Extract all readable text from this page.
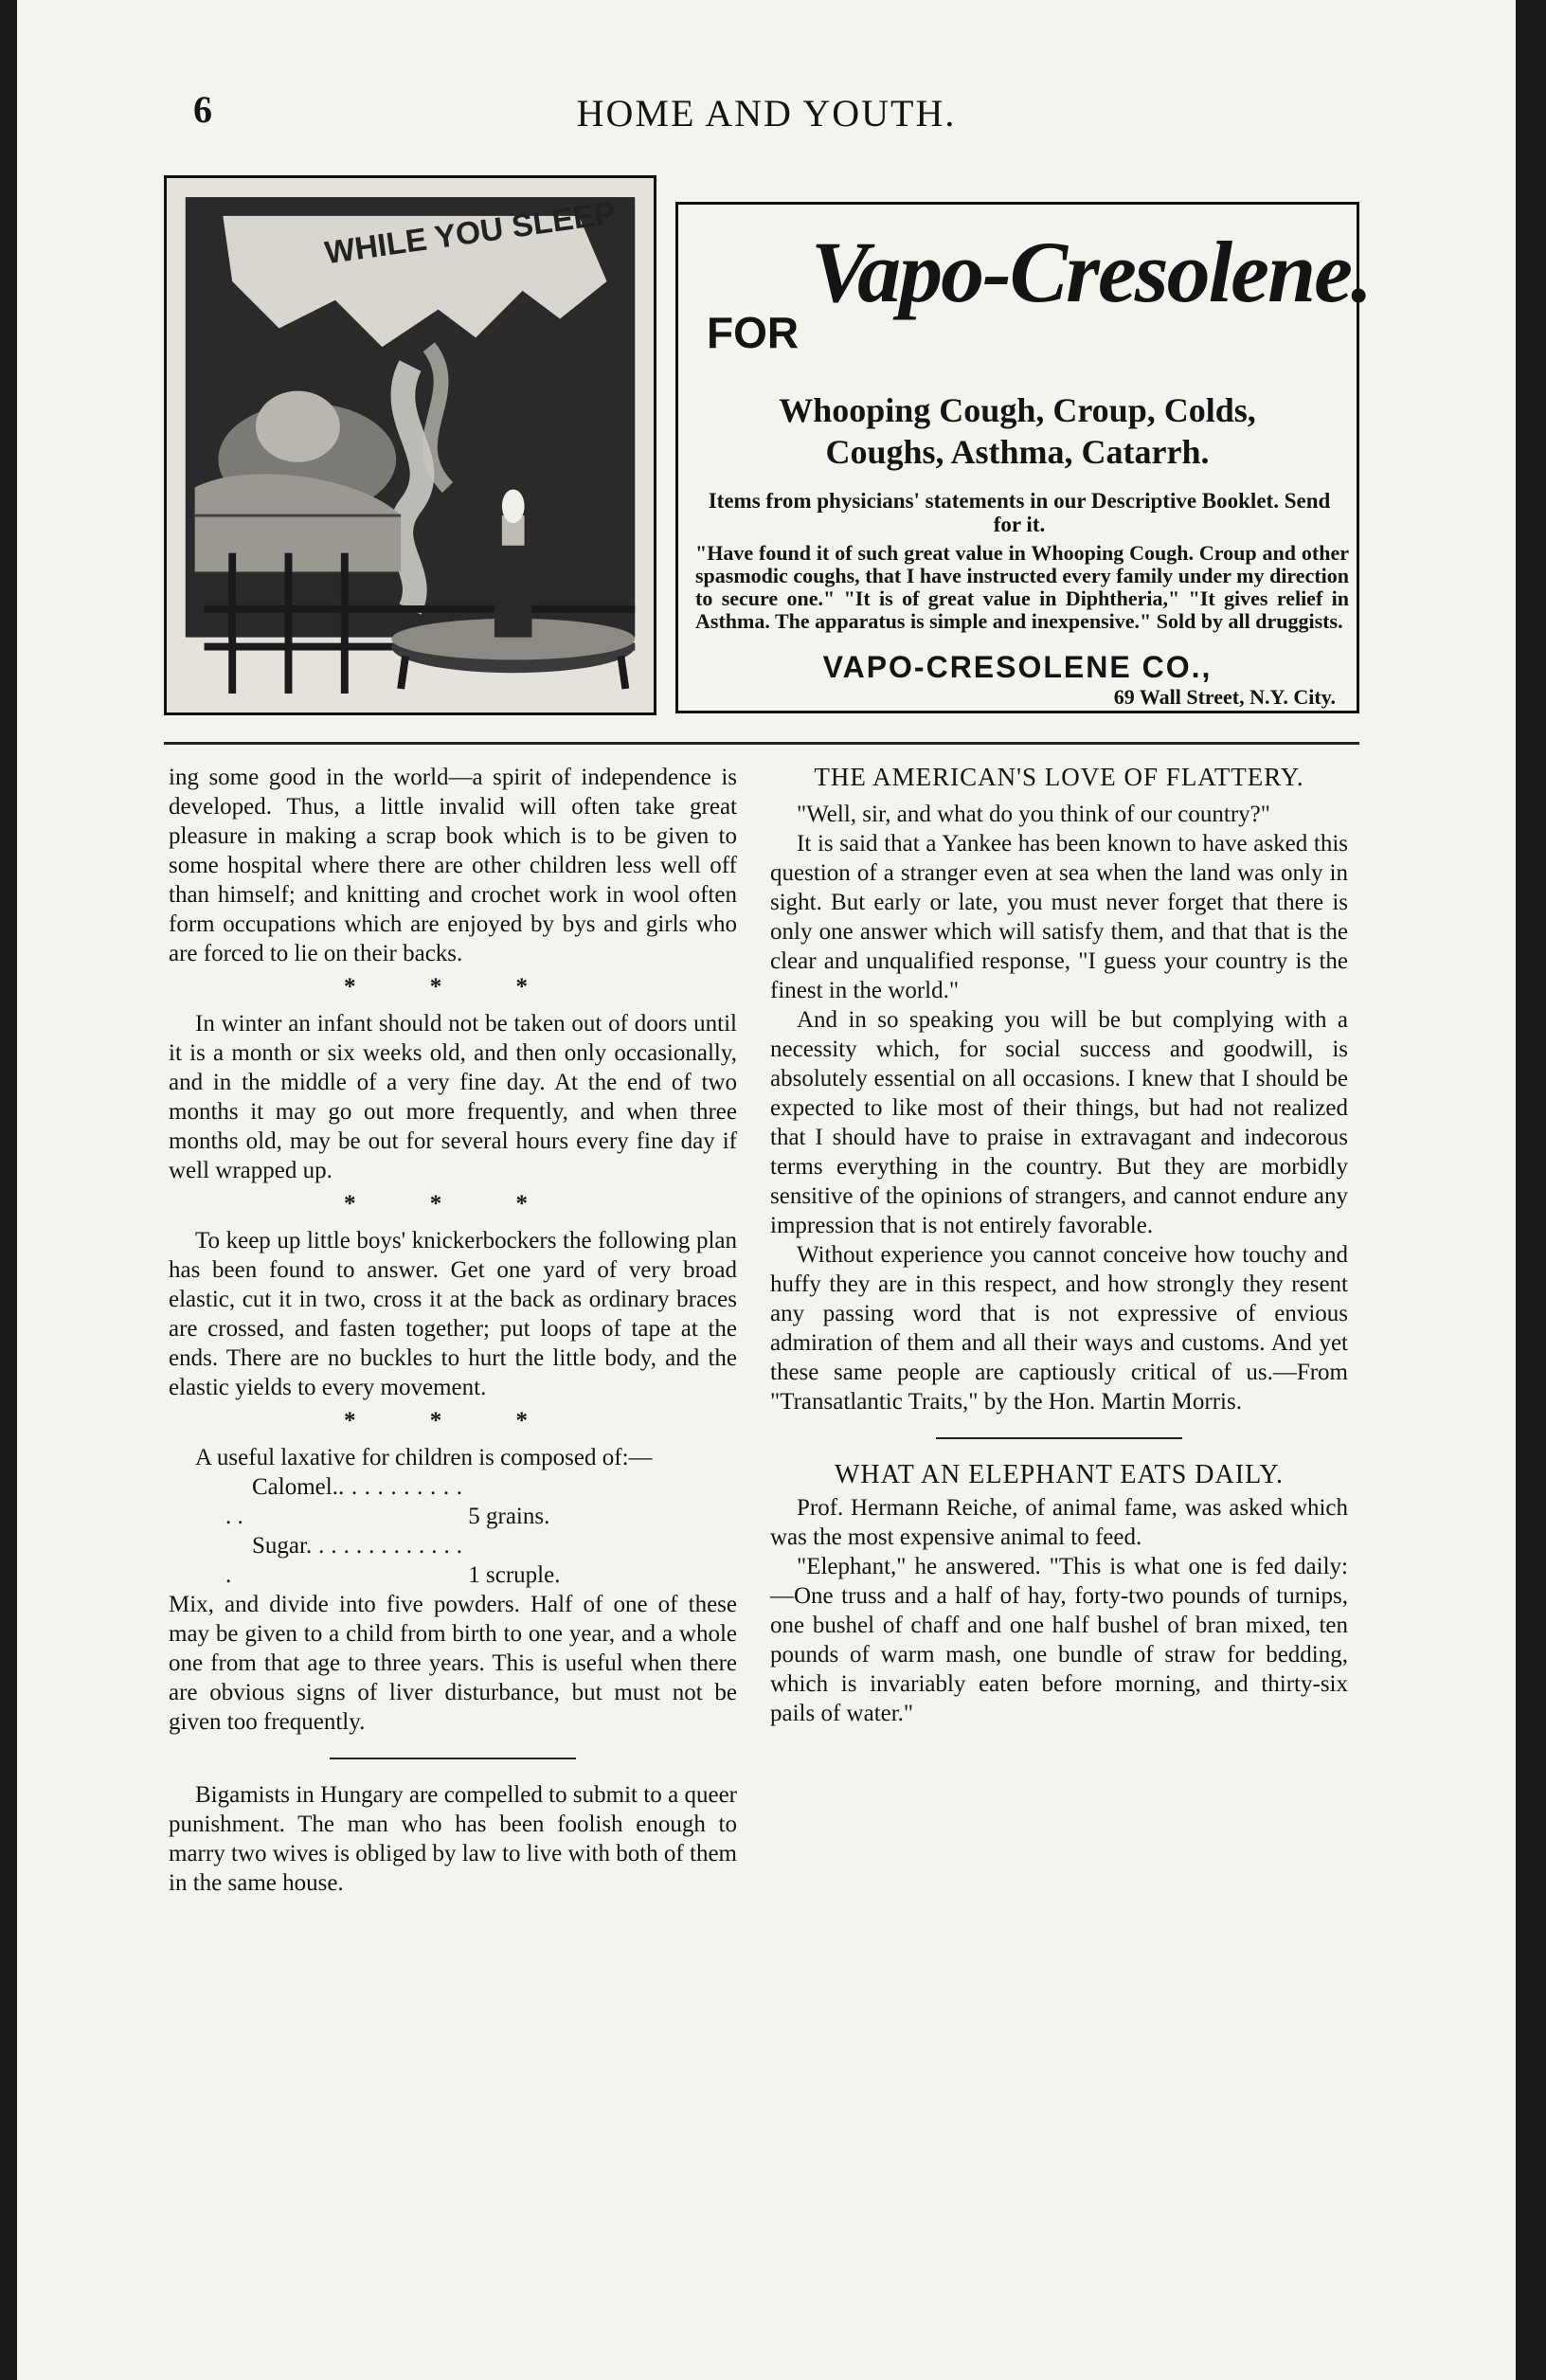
6	HOME AND YOUTH.
WHILE YOU SLEEP
FOR
Vapo-Cresolene.
Whooping Cough, Croup, Colds,
Coughs, Asthma, Catarrh.
Items from physicians' statements in our Descriptive Booklet. Send for it.
"Have found it of such great value in Whooping Cough. Croup and other spasmodic coughs, that I have instructed every family under my direction to secure one." "It is of great value in Diphtheria," "It gives relief in Asthma. The apparatus is simple and inexpensive." Sold by all druggists.
VAPO-CRESOLENE CO.,
69 Wall Street, N.Y. City.

ing some good in the world—a spirit of independence is developed. Thus, a little invalid will often take great pleasure in making a scrap book which is to be given to some hospital where there are other children less well off than himself; and knitting and crochet work in wool often form occupations which are enjoyed by bys and girls who are forced to lie on their backs.

* * *

In winter an infant should not be taken out of doors until it is a month or six weeks old, and then only occasionally, and in the middle of a very fine day. At the end of two months it may go out more frequently, and when three months old, may be out for several hours every fine day if well wrapped up.

* * *

To keep up little boys' knickerbockers the following plan has been found to answer. Get one yard of very broad elastic, cut it in two, cross it at the back as ordinary braces are crossed, and fasten together; put loops of tape at the ends. There are no buckles to hurt the little body, and the elastic yields to every movement.

* * *

A useful laxative for children is composed of:—

Calomel.. . . . . . . . . . . .	5 grains.

Sugar. . . . . . . . . . . . . .	1 scruple.

Mix, and divide into five powders. Half of one of these may be given to a child from birth to one year, and a whole one from that age to three years. This is useful when there are obvious signs of liver disturbance, but must not be given too frequently.

Bigamists in Hungary are compelled to submit to a queer punishment. The man who has been foolish enough to marry two wives is obliged by law to live with both of them in the same house.

THE AMERICAN'S LOVE OF FLATTERY.

"Well, sir, and what do you think of our country?"

It is said that a Yankee has been known to have asked this question of a stranger even at sea when the land was only in sight. But early or late, you must never forget that there is only one answer which will satisfy them, and that that is the clear and unqualified response, "I guess your country is the finest in the world."

And in so speaking you will be but complying with a necessity which, for social success and goodwill, is absolutely essential on all occasions. I knew that I should be expected to like most of their things, but had not realized that I should have to praise in extravagant and indecorous terms everything in the country. But they are morbidly sensitive of the opinions of strangers, and cannot endure any impression that is not entirely favorable.

Without experience you cannot conceive how touchy and huffy they are in this respect, and how strongly they resent any passing word that is not expressive of envious admiration of them and all their ways and customs. And yet these same people are captiously critical of us.—From "Transatlantic Traits," by the Hon. Martin Morris.

WHAT AN ELEPHANT EATS DAILY.

Prof. Hermann Reiche, of animal fame, was asked which was the most expensive animal to feed.

"Elephant," he answered. "This is what one is fed daily:—One truss and a half of hay, forty-two pounds of turnips, one bushel of chaff and one half bushel of bran mixed, ten pounds of warm mash, one bundle of straw for bedding, which is invariably eaten before morning, and thirty-six pails of water."
